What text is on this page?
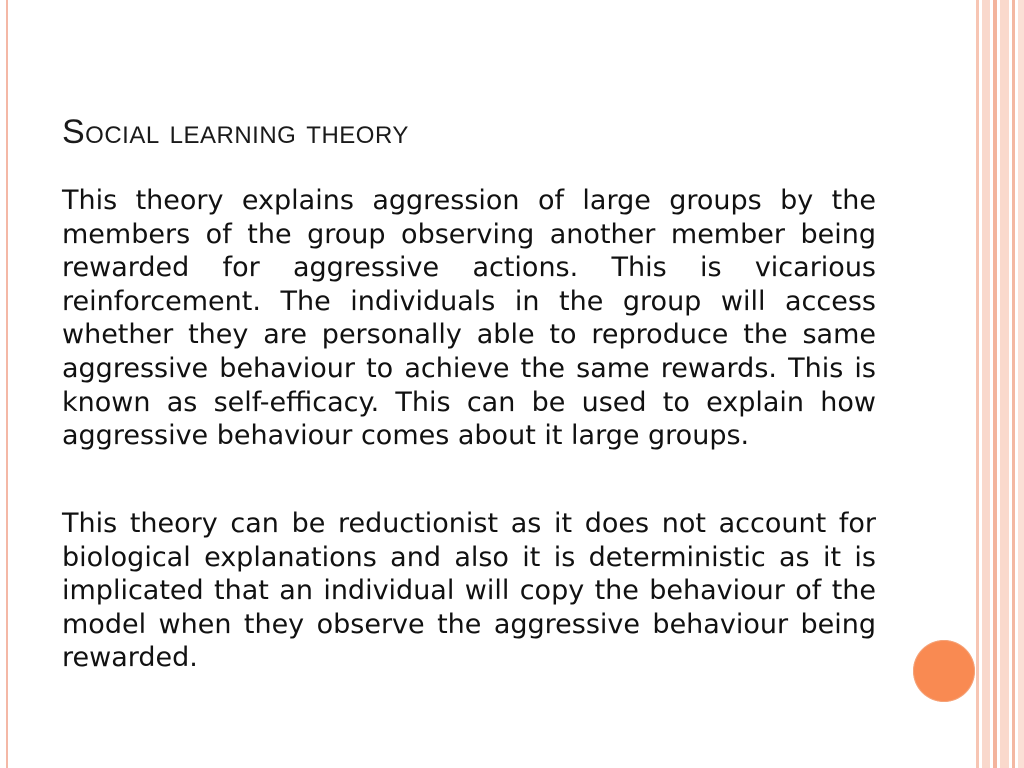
Social learning theory

This theory explains aggression of large groups by the members of the group observing another member being rewarded for aggressive actions. This is vicarious reinforcement. The individuals in the group will access whether they are personally able to reproduce the same aggressive behaviour to achieve the same rewards. This is known as self-efficacy. This can be used to explain how aggressive behaviour comes about it large groups.

This theory can be reductionist as it does not account for biological explanations and also it is deterministic as it is implicated that an individual will copy the behaviour of the model when they observe the aggressive behaviour being rewarded.
